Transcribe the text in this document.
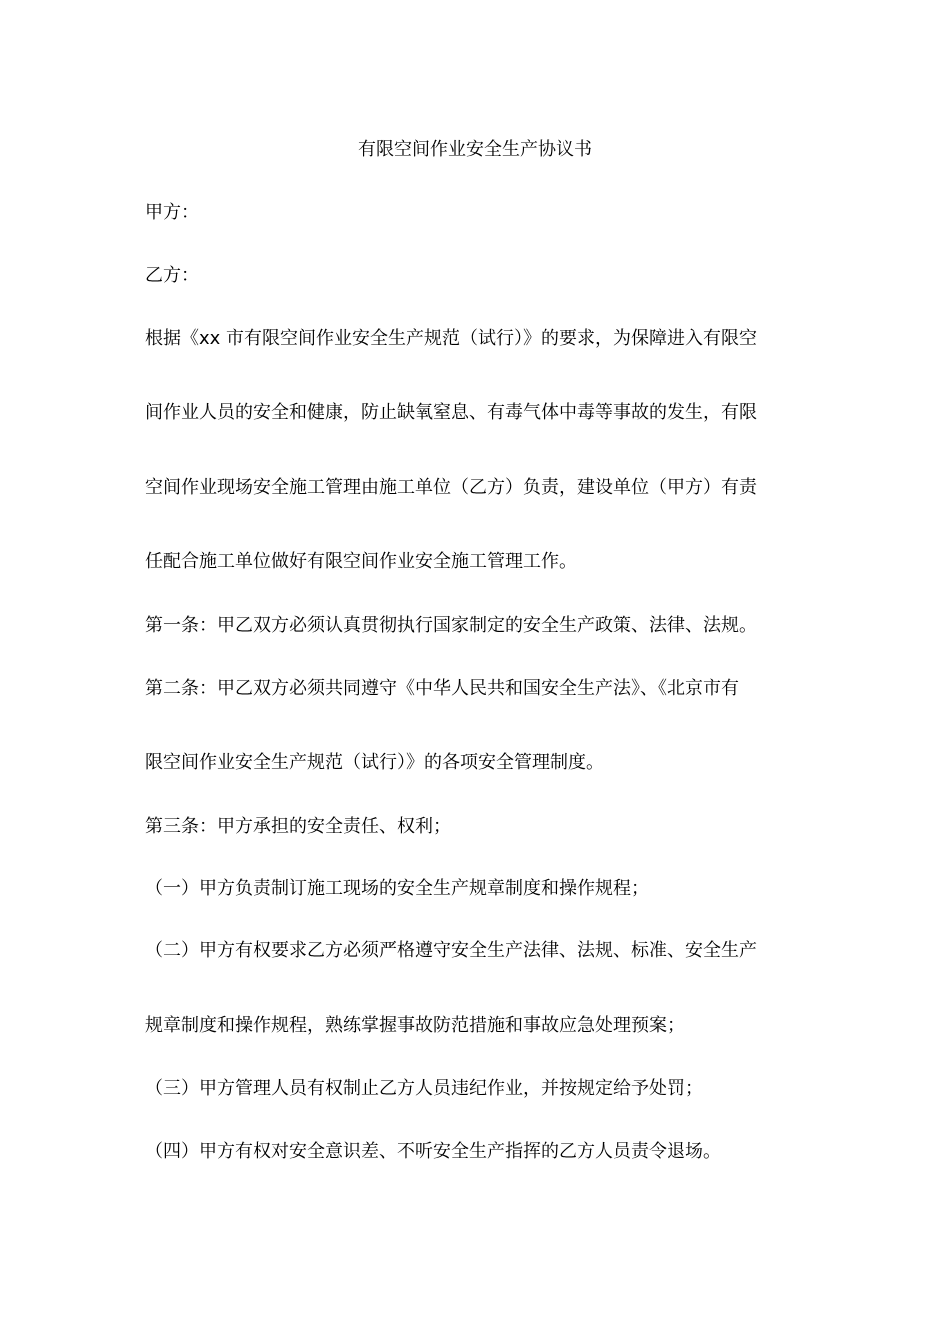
有限空间作业安全生产协议书

甲方：

乙方：

根据《xx 市有限空间作业安全生产规范（试行）》的要求，为保障进入有限空

间作业人员的安全和健康，防止缺氧窒息、有毒气体中毒等事故的发生，有限

空间作业现场安全施工管理由施工单位（乙方）负责，建设单位（甲方）有责

任配合施工单位做好有限空间作业安全施工管理工作。

第一条：甲乙双方必须认真贯彻执行国家制定的安全生产政策、法律、法规。

第二条：甲乙双方必须共同遵守《中华人民共和国安全生产法》、《北京市有

限空间作业安全生产规范（试行）》的各项安全管理制度。

第三条：甲方承担的安全责任、权利；

（一）甲方负责制订施工现场的安全生产规章制度和操作规程；

（二）甲方有权要求乙方必须严格遵守安全生产法律、法规、标准、安全生产

规章制度和操作规程，熟练掌握事故防范措施和事故应急处理预案；

（三）甲方管理人员有权制止乙方人员违纪作业，并按规定给予处罚；

（四）甲方有权对安全意识差、不听安全生产指挥的乙方人员责令退场。
